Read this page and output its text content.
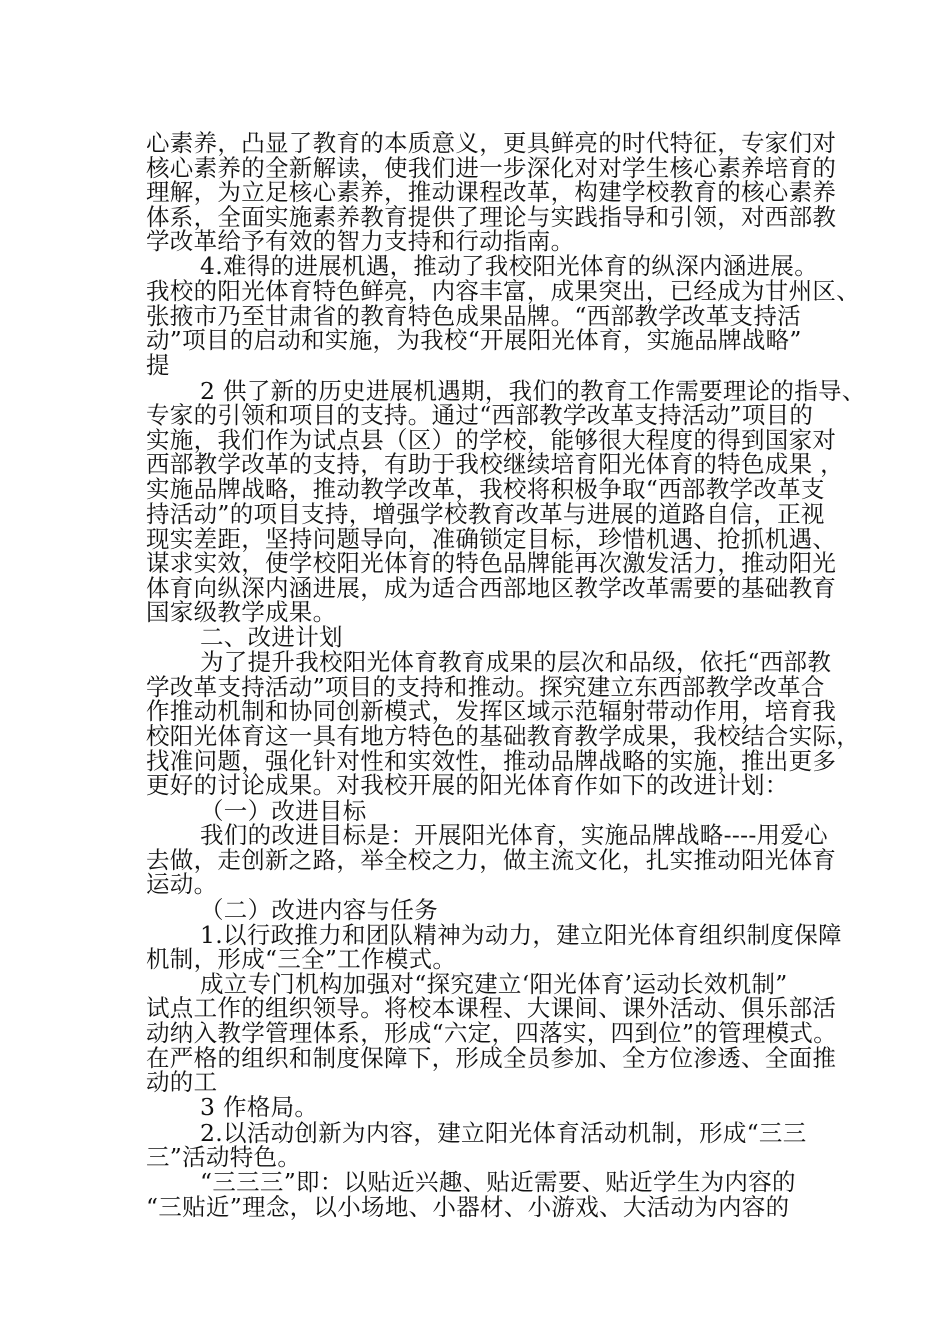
心素养，凸显了教育的本质意义，更具鲜亮的时代特征，专家们对

核心素养的全新解读，使我们进一步深化对对学生核心素养培育的

理解，为立足核心素养，推动课程改革，构建学校教育的核心素养

体系，全面实施素养教育提供了理论与实践指导和引领，对西部教

学改革给予有效的智力支持和行动指南。

4.难得的进展机遇，推动了我校阳光体育的纵深内涵进展。

我校的阳光体育特色鲜亮，内容丰富，成果突出，已经成为甘州区、

张掖市乃至甘肃省的教育特色成果品牌。“西部教学改革支持活

动”项目的启动和实施，为我校“开展阳光体育，实施品牌战略”

提

2 供了新的历史进展机遇期，我们的教育工作需要理论的指导、

专家的引领和项目的支持。通过“西部教学改革支持活动”项目的

实施，我们作为试点县（区）的学校，能够很大程度的得到国家对

西部教学改革的支持，有助于我校继续培育阳光体育的特色成果 ，

实施品牌战略，推动教学改革，我校将积极争取“西部教学改革支

持活动”的项目支持，增强学校教育改革与进展的道路自信，正视

现实差距，坚持问题导向，准确锁定目标，珍惜机遇、抢抓机遇、

谋求实效，使学校阳光体育的特色品牌能再次激发活力，推动阳光

体育向纵深内涵进展，成为适合西部地区教学改革需要的基础教育

国家级教学成果。

二、改进计划

为了提升我校阳光体育教育成果的层次和品级，依托“西部教

学改革支持活动”项目的支持和推动。探究建立东西部教学改革合

作推动机制和协同创新模式，发挥区域示范辐射带动作用，培育我

校阳光体育这一具有地方特色的基础教育教学成果，我校结合实际，

找准问题，强化针对性和实效性，推动品牌战略的实施，推出更多

更好的讨论成果。对我校开展的阳光体育作如下的改进计划：

（一）改进目标

我们的改进目标是：开展阳光体育，实施品牌战略----用爱心

去做，走创新之路，举全校之力，做主流文化，扎实推动阳光体育

运动。

（二）改进内容与任务

1.以行政推力和团队精神为动力，建立阳光体育组织制度保障

机制，形成“三全”工作模式。

成立专门机构加强对“探究建立‘阳光体育’运动长效机制”

试点工作的组织领导。将校本课程、大课间、课外活动、俱乐部活

动纳入教学管理体系，形成“六定，四落实，四到位”的管理模式。

在严格的组织和制度保障下，形成全员参加、全方位渗透、全面推

动的工

3 作格局。

2.以活动创新为内容，建立阳光体育活动机制，形成“三三

三”活动特色。

“三三三”即：以贴近兴趣、贴近需要、贴近学生为内容的

“三贴近”理念，以小场地、小器材、小游戏、大活动为内容的
